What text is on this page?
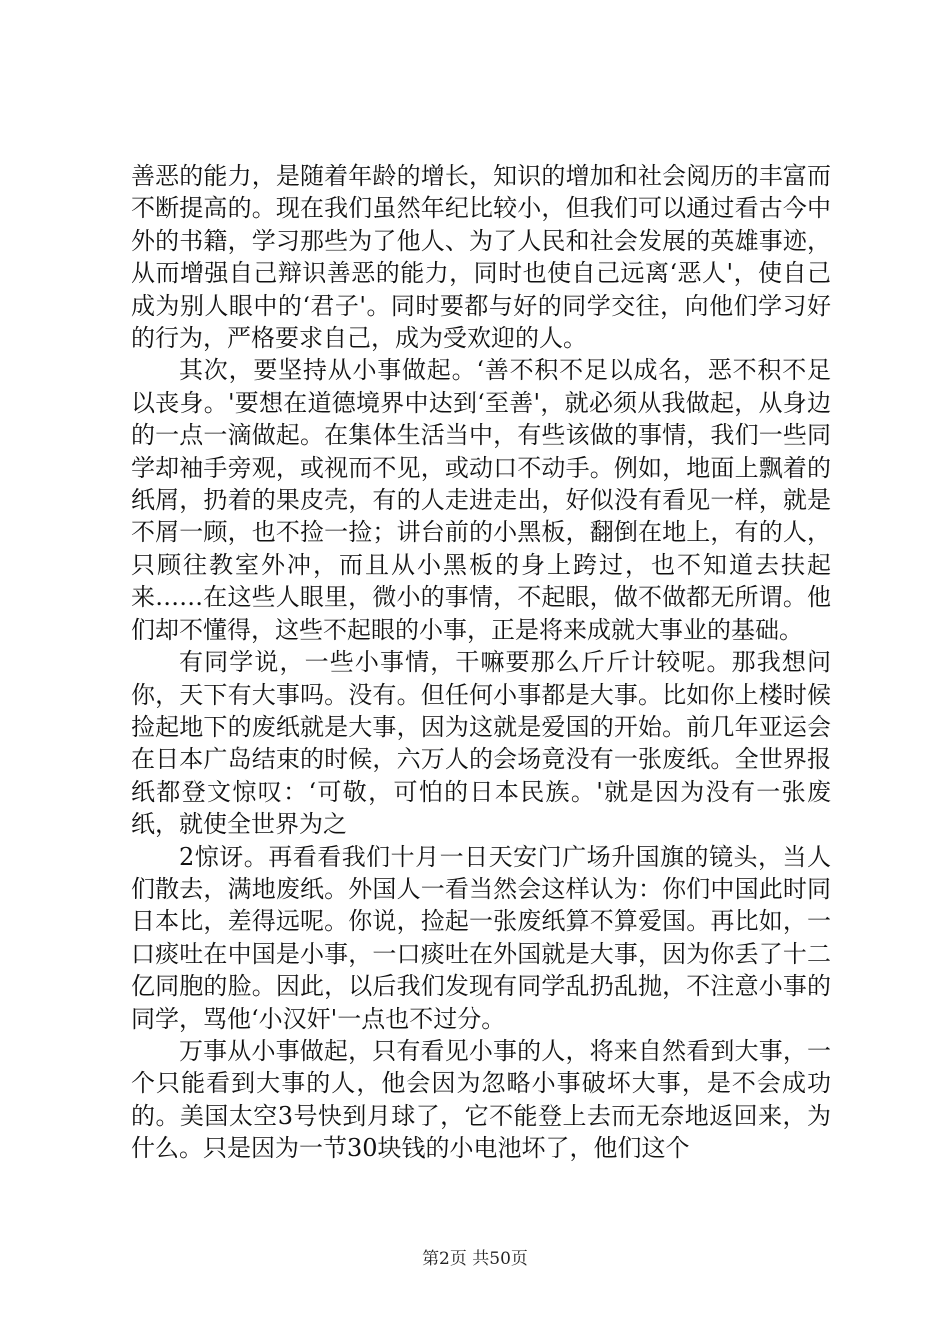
善恶的能力，是随着年龄的增长，知识的增加和社会阅历的丰富而不断提高的。现在我们虽然年纪比较小，但我们可以通过看古今中外的书籍，学习那些为了他人、为了人民和社会发展的英雄事迹，从而增强自己辩识善恶的能力，同时也使自己远离‘恶人'，使自己成为别人眼中的‘君子'。同时要都与好的同学交往，向他们学习好的行为，严格要求自己，成为受欢迎的人。

其次，要坚持从小事做起。‘善不积不足以成名，恶不积不足以丧身。'要想在道德境界中达到‘至善'，就必须从我做起，从身边的一点一滴做起。在集体生活当中，有些该做的事情，我们一些同学却袖手旁观，或视而不见，或动口不动手。例如，地面上飘着的纸屑，扔着的果皮壳，有的人走进走出，好似没有看见一样，就是不屑一顾，也不捡一捡；讲台前的小黑板，翻倒在地上，有的人，只顾往教室外冲，而且从小黑板的身上跨过，也不知道去扶起来……在这些人眼里，微小的事情，不起眼，做不做都无所谓。他们却不懂得，这些不起眼的小事，正是将来成就大事业的基础。

有同学说，一些小事情，干嘛要那么斤斤计较呢。那我想问你，天下有大事吗。没有。但任何小事都是大事。比如你上楼时候捡起地下的废纸就是大事，因为这就是爱国的开始。前几年亚运会在日本广岛结束的时候，六万人的会场竟没有一张废纸。全世界报纸都登文惊叹：‘可敬，可怕的日本民族。'就是因为没有一张废纸，就使全世界为之

2惊讶。再看看我们十月一日天安门广场升国旗的镜头，当人们散去，满地废纸。外国人一看当然会这样认为：你们中国此时同日本比，差得远呢。你说，捡起一张废纸算不算爱国。再比如，一口痰吐在中国是小事，一口痰吐在外国就是大事，因为你丢了十二亿同胞的脸。因此，以后我们发现有同学乱扔乱抛，不注意小事的同学，骂他‘小汉奸'一点也不过分。

万事从小事做起，只有看见小事的人，将来自然看到大事，一个只能看到大事的人，他会因为忽略小事破坏大事，是不会成功的。美国太空3号快到月球了，它不能登上去而无奈地返回来，为什么。只是因为一节30块钱的小电池坏了，他们这个

第2页 共50页
